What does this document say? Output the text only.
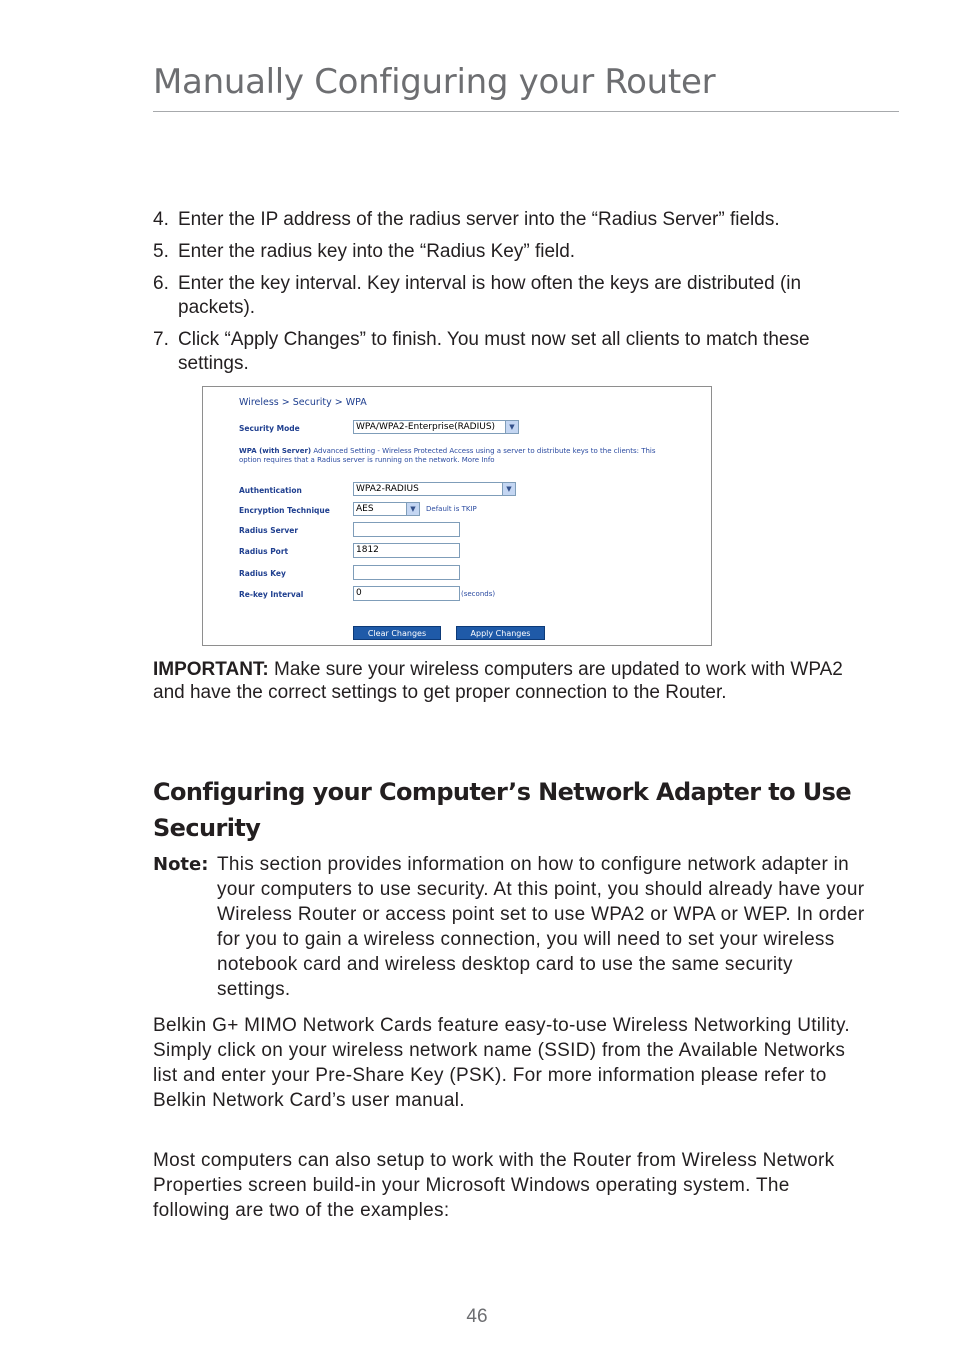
Manually Configuring your Router
4. Enter the IP address of the radius server into the “Radius Server” fields.
5. Enter the radius key into the “Radius Key” field.
6. Enter the key interval. Key interval is how often the keys are distributed (in packets).
7. Click “Apply Changes” to finish. You must now set all clients to match these settings.
Wireless > Security > WPA
Security Mode	WPA/WPA2-Enterprise(RADIUS)	▼
WPA (with Server) Advanced Setting - Wireless Protected Access using a server to distribute keys to the clients: This option requires that a Radius server is running on the network. More Info
Authentication	WPA2-RADIUS	▼
Encryption Technique	AES	▼	Default is TKIP
Radius Server
Radius Port	1812
Radius Key
Re-key Interval	0	(seconds)
Clear Changes	Apply Changes
IMPORTANT: Make sure your wireless computers are updated to work with WPA2 and have the correct settings to get proper connection to the Router.
Configuring your Computer’s Network Adapter to Use Security
Note: This section provides information on how to configure network adapter in your computers to use security. At this point, you should already have your Wireless Router or access point set to use WPA2 or WPA or WEP. In order for you to gain a wireless connection, you will need to set your wireless notebook card and wireless desktop card to use the same security settings.
Belkin G+ MIMO Network Cards feature easy-to-use Wireless Networking Utility. Simply click on your wireless network name (SSID) from the Available Networks list and enter your Pre-Share Key (PSK). For more information please refer to Belkin Network Card’s user manual.
Most computers can also setup to work with the Router from Wireless Network Properties screen build-in your Microsoft Windows operating system. The following are two of the examples:
46
